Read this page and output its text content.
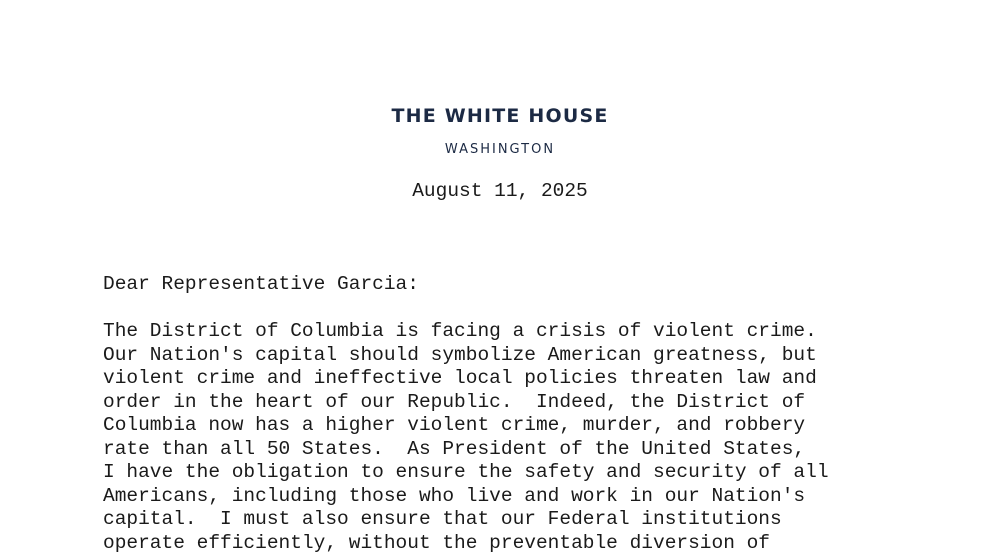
THE WHITE HOUSE
WASHINGTON
August 11, 2025
Dear Representative Garcia:
The District of Columbia is facing a crisis of violent crime.
Our Nation's capital should symbolize American greatness, but
violent crime and ineffective local policies threaten law and
order in the heart of our Republic.  Indeed, the District of
Columbia now has a higher violent crime, murder, and robbery
rate than all 50 States.  As President of the United States,
I have the obligation to ensure the safety and security of all
Americans, including those who live and work in our Nation's
capital.  I must also ensure that our Federal institutions
operate efficiently, without the preventable diversion of
